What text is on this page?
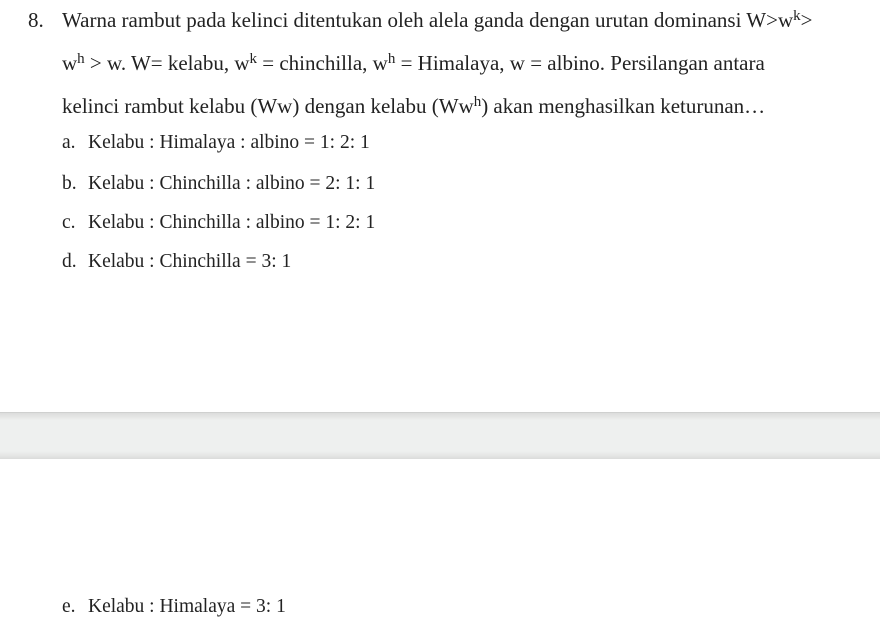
8. Warna rambut pada kelinci ditentukan oleh alela ganda dengan urutan dominansi $W>w^k>$
$w^h > w$. W= kelabu, $w^k$ = chinchilla, $w^h$ = Himalaya, w = albino. Persilangan antara
kelinci rambut kelabu (Ww) dengan kelabu (Ww$^h$) akan menghasilkan keturunan…
a. Kelabu : Himalaya : albino = 1: 2: 1
b. Kelabu : Chinchilla : albino = 2: 1: 1
c. Kelabu : Chinchilla : albino = 1: 2: 1
d. Kelabu : Chinchilla = 3: 1
e. Kelabu : Himalaya = 3: 1
